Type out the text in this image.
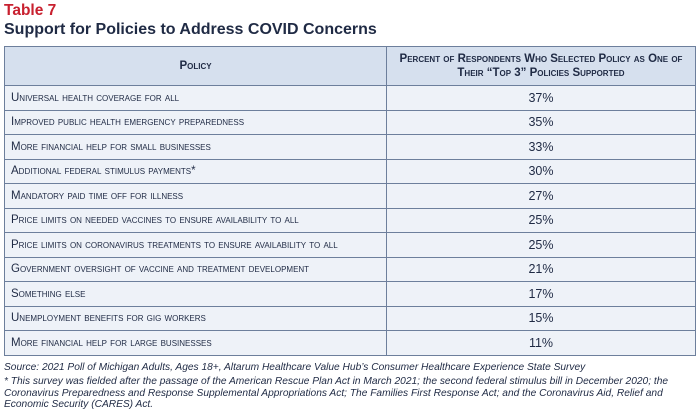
Table 7
Support for Policies to Address COVID Concerns
Policy	Percent of Respondents Who Selected Policy as One of Their “Top 3” Policies Supported
Universal health coverage for all	37%
Improved public health emergency preparedness	35%
More financial help for small businesses	33%
Additional federal stimulus payments*	30%
Mandatory paid time off for illness	27%
Price limits on needed vaccines to ensure availability to all	25%
Price limits on coronavirus treatments to ensure availability to all	25%
Government oversight of vaccine and treatment development	21%
Something else	17%
Unemployment benefits for gig workers	15%
More financial help for large businesses	11%
Source: 2021 Poll of Michigan Adults, Ages 18+, Altarum Healthcare Value Hub’s Consumer Healthcare Experience State Survey
* This survey was fielded after the passage of the American Rescue Plan Act in March 2021; the second federal stimulus bill in December 2020; the Coronavirus Preparedness and Response Supplemental Appropriations Act; The Families First Response Act; and the Coronavirus Aid, Relief and Economic Security (CARES) Act.
